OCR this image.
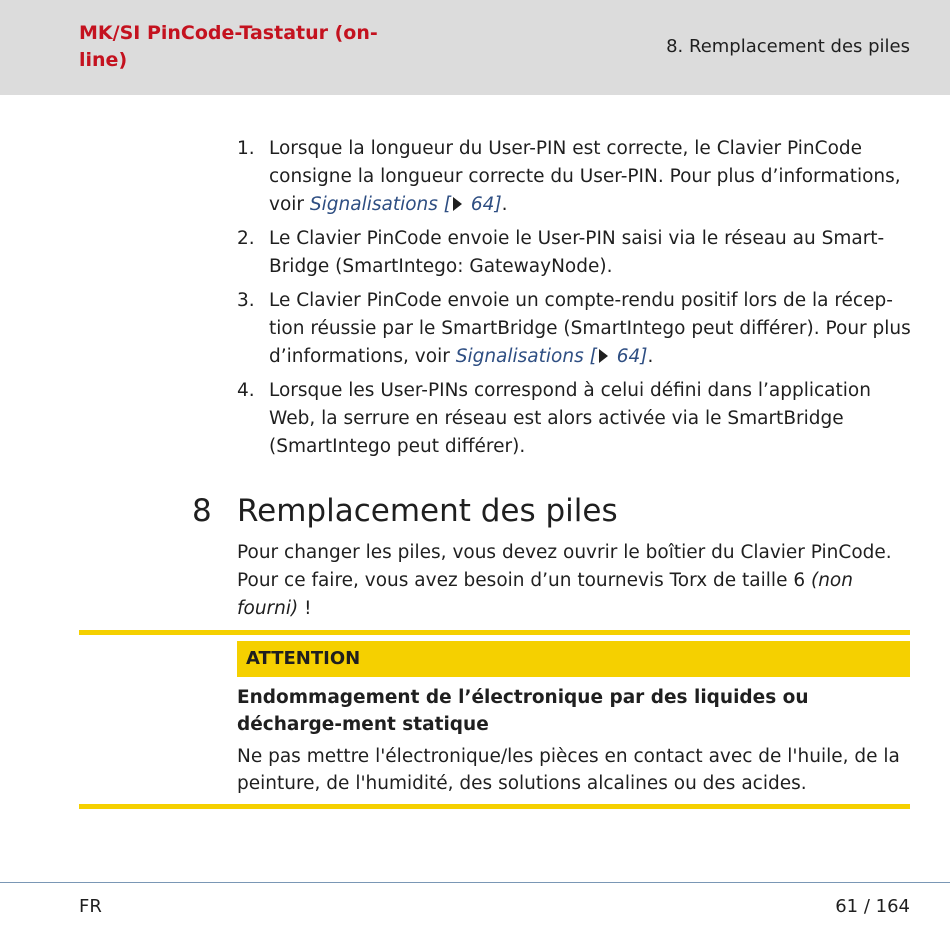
MK/SI PinCode-Tastatur (on-line)
8. Remplacement des piles
1. Lorsque la longueur du User-PIN est correcte, le Clavier PinCode consigne la longueur correcte du User-PIN. Pour plus d’informations, voir Signalisations [ 64].
2. Le Clavier PinCode envoie le User-PIN saisi via le réseau au Smart-Bridge (SmartIntego: GatewayNode).
3. Le Clavier PinCode envoie un compte-rendu positif lors de la récep-tion réussie par le SmartBridge (SmartIntego peut différer). Pour plus d’informations, voir Signalisations [ 64].
4. Lorsque les User-PINs correspond à celui défini dans l’application Web, la serrure en réseau est alors activée via le SmartBridge (SmartIntego peut différer).
8 Remplacement des piles
Pour changer les piles, vous devez ouvrir le boîtier du Clavier PinCode. Pour ce faire, vous avez besoin d’un tournevis Torx de taille 6 (non fourni) !
ATTENTION
Endommagement de l’électronique par des liquides ou décharge-ment statique
Ne pas mettre l'électronique/les pièces en contact avec de l'huile, de la peinture, de l'humidité, des solutions alcalines ou des acides.
FR	61 / 164
